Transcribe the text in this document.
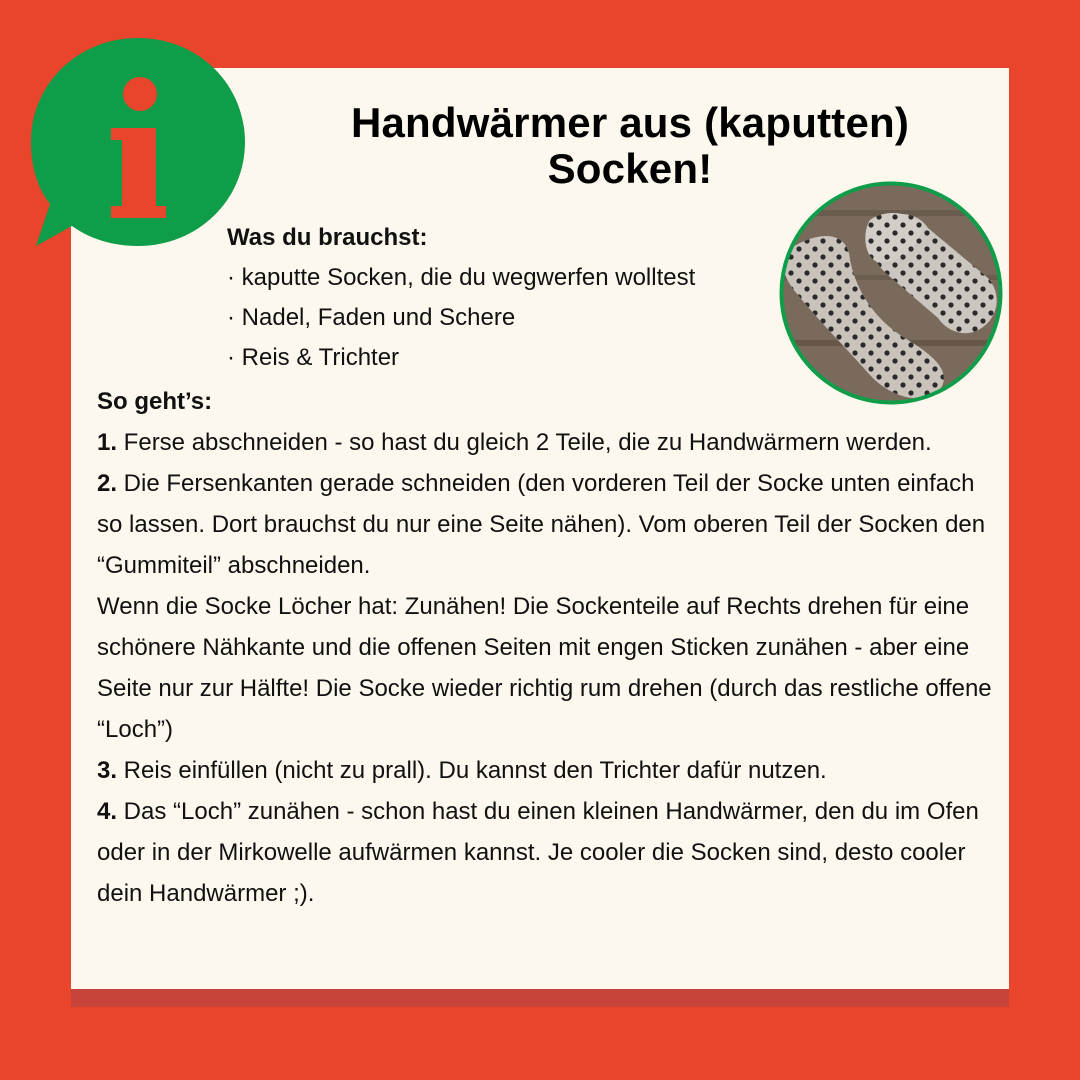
Handwärmer aus (kaputten) Socken!
Was du brauchst:
· kaputte Socken, die du wegwerfen wolltest
· Nadel, Faden und Schere
· Reis & Trichter
So geht’s:

1. Ferse abschneiden - so hast du gleich 2 Teile, die zu Handwärmern werden.

2. Die Fersenkanten gerade schneiden (den vorderen Teil der Socke unten einfach so lassen. Dort brauchst du nur eine Seite nähen). Vom oberen Teil der Socken den “Gummiteil” abschneiden.

Wenn die Socke Löcher hat: Zunähen! Die Sockenteile auf Rechts drehen für eine schönere Nähkante und die offenen Seiten mit engen Sticken zunähen - aber eine Seite nur zur Hälfte! Die Socke wieder richtig rum drehen (durch das restliche offene “Loch”)

3. Reis einfüllen (nicht zu prall). Du kannst den Trichter dafür nutzen.

4. Das “Loch” zunähen - schon hast du einen kleinen Handwärmer, den du im Ofen oder in der Mirkowelle aufwärmen kannst. Je cooler die Socken sind, desto cooler dein Handwärmer ;).
